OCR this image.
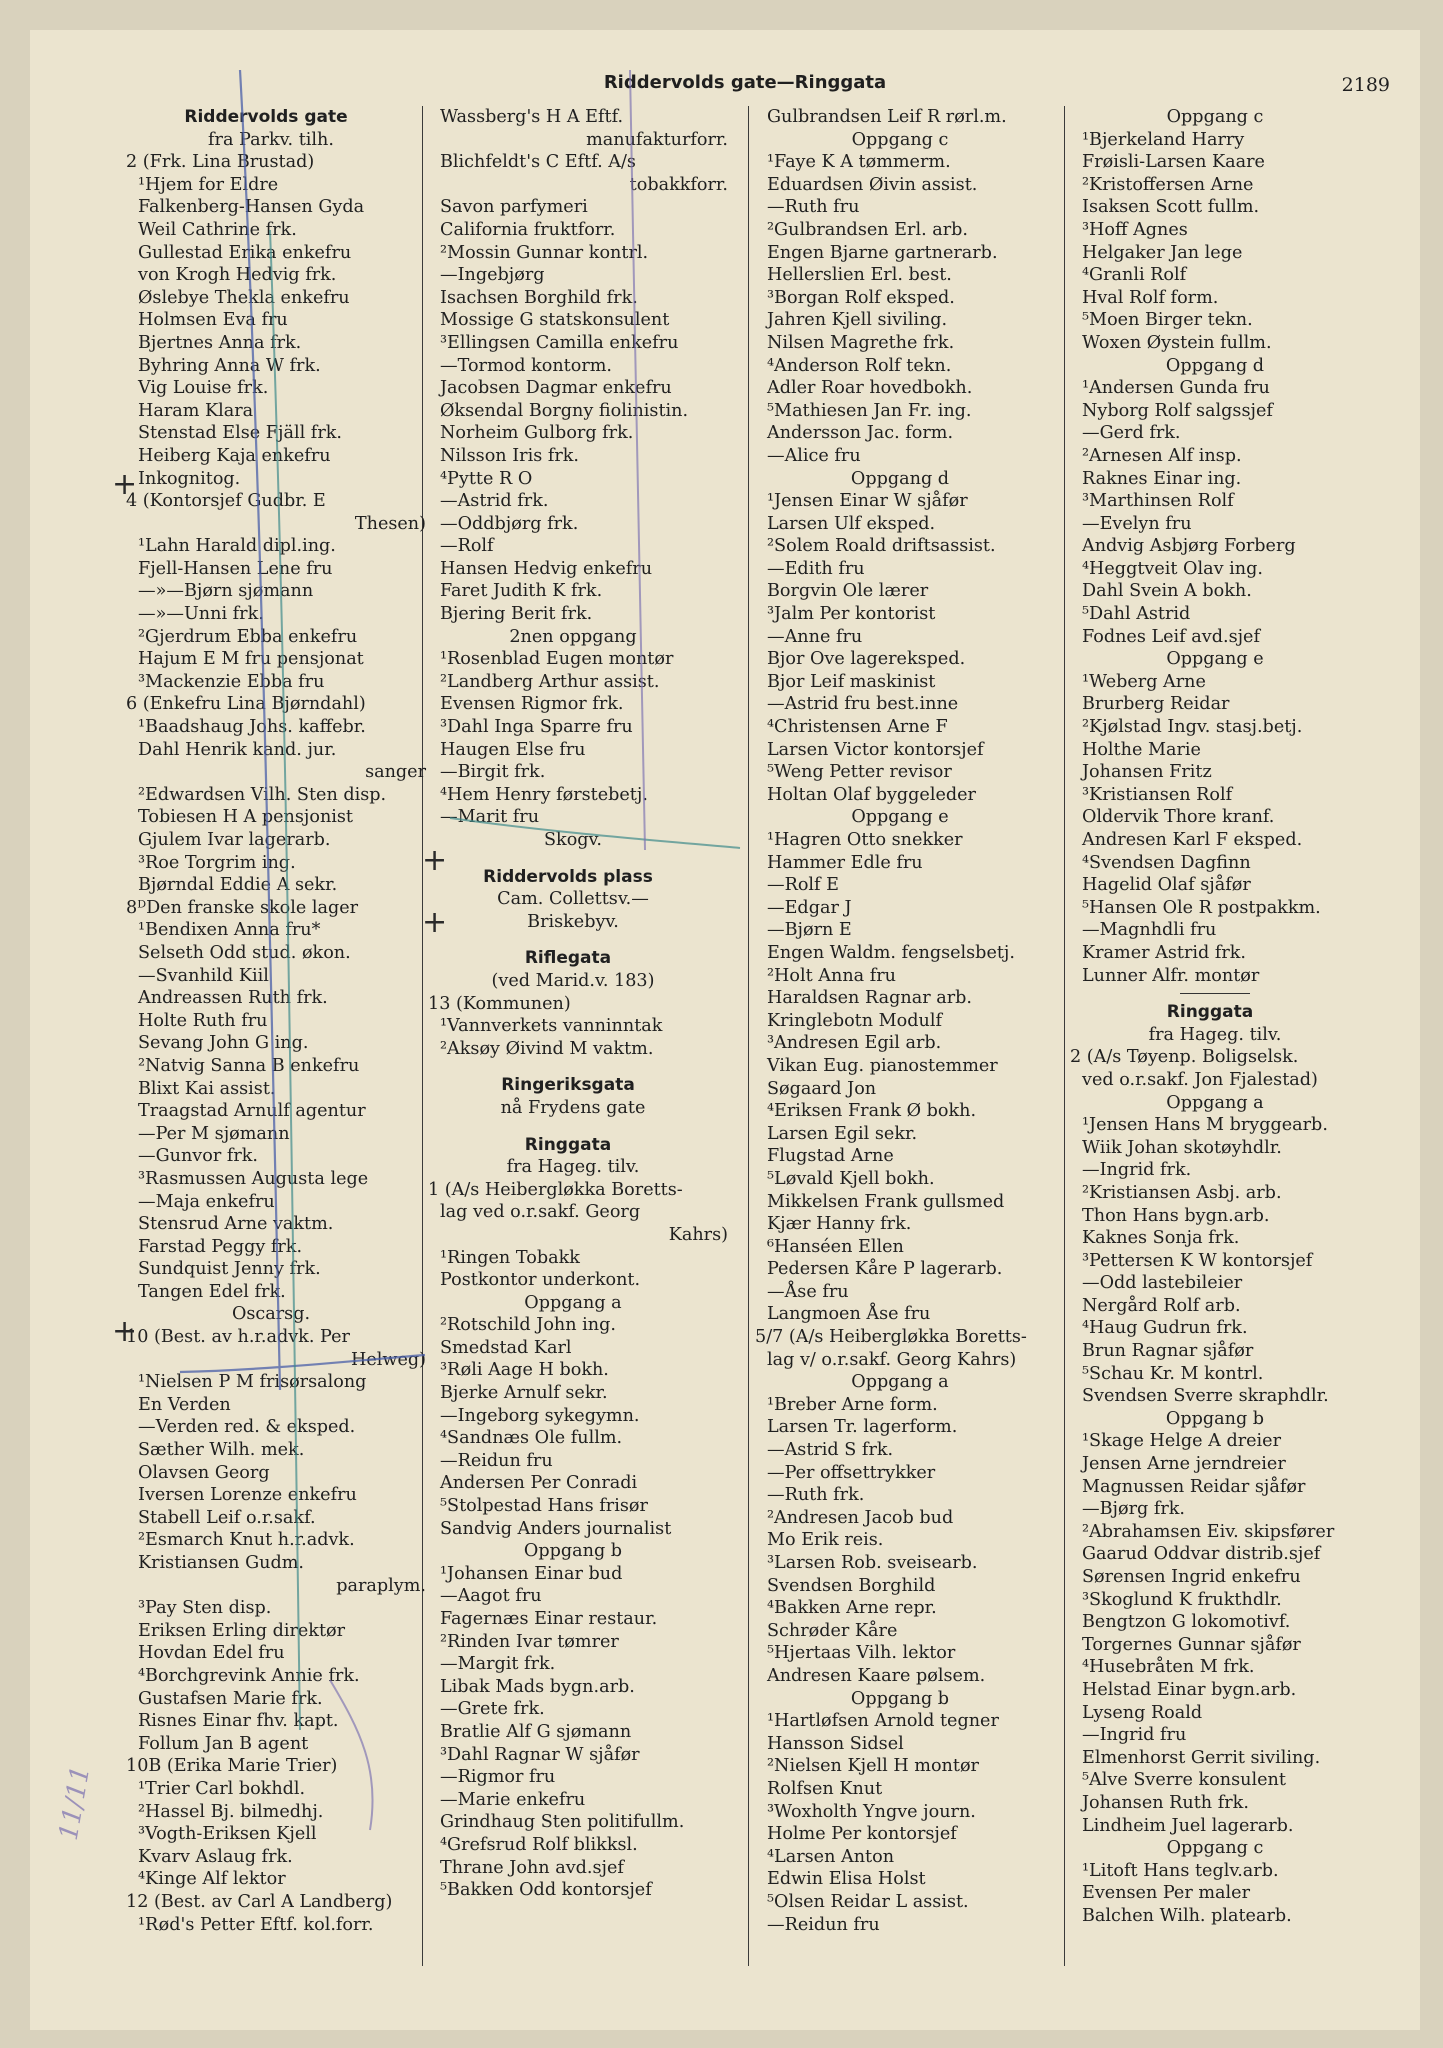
Riddervolds gate—Ringgata	2189
Riddervolds gate
fra Parkv. tilh.
2 (Frk. Lina Brustad)
¹Hjem for Eldre
Falkenberg-Hansen Gyda
Weil Cathrine frk.
Gullestad Erika enkefru
von Krogh Hedvig frk.
Øslebye Thekla enkefru
Holmsen Eva fru
Bjertnes Anna frk.
Byhring Anna W frk.
Vig Louise frk.
Haram Klara
Stenstad Else Fjäll frk.
Heiberg Kaja enkefru
Inkognitog.
4 (Kontorsjef Gudbr. E
Thesen)
¹Lahn Harald dipl.ing.
Fjell-Hansen Lene fru
—»—Bjørn sjømann
—»—Unni frk.
²Gjerdrum Ebba enkefru
Hajum E M fru pensjonat
³Mackenzie Ebba fru
6 (Enkefru Lina Bjørndahl)
¹Baadshaug Johs. kaffebr.
Dahl Henrik kand. jur.
sanger
²Edwardsen Vilh. Sten disp.
Tobiesen H A pensjonist
Gjulem Ivar lagerarb.
³Roe Torgrim ing.
Bjørndal Eddie A sekr.
8ᴰDen franske skole lager
¹Bendixen Anna fru*
Selseth Odd stud. økon.
—Svanhild Kiil
Andreassen Ruth frk.
Holte Ruth fru
Sevang John G ing.
²Natvig Sanna B enkefru
Blixt Kai assist.
Traagstad Arnulf agentur
—Per M sjømann
—Gunvor frk.
³Rasmussen Augusta lege
—Maja enkefru
Stensrud Arne vaktm.
Farstad Peggy frk.
Sundquist Jenny frk.
Tangen Edel frk.
Oscarsg.
10 (Best. av h.r.advk. Per
Helweg)
¹Nielsen P M frisørsalong
En Verden
—Verden red. & eksped.
Sæther Wilh. mek.
Olavsen Georg
Iversen Lorenze enkefru
Stabell Leif o.r.sakf.
²Esmarch Knut h.r.advk.
Kristiansen Gudm.
paraplym.
³Pay Sten disp.
Eriksen Erling direktør
Hovdan Edel fru
⁴Borchgrevink Annie frk.
Gustafsen Marie frk.
Risnes Einar fhv. kapt.
Follum Jan B agent
10B (Erika Marie Trier)
¹Trier Carl bokhdl.
²Hassel Bj. bilmedhj.
³Vogth-Eriksen Kjell
Kvarv Aslaug frk.
⁴Kinge Alf lektor
12 (Best. av Carl A Landberg)
¹Rød's Petter Eftf. kol.forr.
Wassberg's H A Eftf.
manufakturforr.
Blichfeldt's C Eftf. A/s
tobakkforr.
Savon parfymeri
California fruktforr.
²Mossin Gunnar kontrl.
—Ingebjørg
Isachsen Borghild frk.
Mossige G statskonsulent
³Ellingsen Camilla enkefru
—Tormod kontorm.
Jacobsen Dagmar enkefru
Øksendal Borgny fiolinistin.
Norheim Gulborg frk.
Nilsson Iris frk.
⁴Pytte R O
—Astrid frk.
—Oddbjørg frk.
—Rolf
Hansen Hedvig enkefru
Faret Judith K frk.
Bjering Berit frk.
2nen oppgang
¹Rosenblad Eugen montør
²Landberg Arthur assist.
Evensen Rigmor frk.
³Dahl Inga Sparre fru
Haugen Else fru
—Birgit frk.
⁴Hem Henry førstebetj.
—Marit fru
Skogv.
Riddervolds plass
Cam. Collettsv.—
Briskebyv.
Riflegata
(ved Marid.v. 183)
13 (Kommunen)
¹Vannverkets vanninntak
²Aksøy Øivind M vaktm.
Ringeriksgata
nå Frydens gate
Ringgata
fra Hageg. tilv.
1 (A/s Heibergløkka Boretts-
lag ved o.r.sakf. Georg
Kahrs)
¹Ringen Tobakk
Postkontor underkont.
Oppgang a
²Rotschild John ing.
Smedstad Karl
³Røli Aage H bokh.
Bjerke Arnulf sekr.
—Ingeborg sykegymn.
⁴Sandnæs Ole fullm.
—Reidun fru
Andersen Per Conradi
⁵Stolpestad Hans frisør
Sandvig Anders journalist
Oppgang b
¹Johansen Einar bud
—Aagot fru
Fagernæs Einar restaur.
²Rinden Ivar tømrer
—Margit frk.
Libak Mads bygn.arb.
—Grete frk.
Bratlie Alf G sjømann
³Dahl Ragnar W sjåfør
—Rigmor fru
—Marie enkefru
Grindhaug Sten politifullm.
⁴Grefsrud Rolf blikksl.
Thrane John avd.sjef
⁵Bakken Odd kontorsjef
Gulbrandsen Leif R rørl.m.
Oppgang c
¹Faye K A tømmerm.
Eduardsen Øivin assist.
—Ruth fru
²Gulbrandsen Erl. arb.
Engen Bjarne gartnerarb.
Hellerslien Erl. best.
³Borgan Rolf eksped.
Jahren Kjell siviling.
Nilsen Magrethe frk.
⁴Anderson Rolf tekn.
Adler Roar hovedbokh.
⁵Mathiesen Jan Fr. ing.
Andersson Jac. form.
—Alice fru
Oppgang d
¹Jensen Einar W sjåfør
Larsen Ulf eksped.
²Solem Roald driftsassist.
—Edith fru
Borgvin Ole lærer
³Jalm Per kontorist
—Anne fru
Bjor Ove lagereksped.
Bjor Leif maskinist
—Astrid fru best.inne
⁴Christensen Arne F
Larsen Victor kontorsjef
⁵Weng Petter revisor
Holtan Olaf byggeleder
Oppgang e
¹Hagren Otto snekker
Hammer Edle fru
—Rolf E
—Edgar J
—Bjørn E
Engen Waldm. fengselsbetj.
²Holt Anna fru
Haraldsen Ragnar arb.
Kringlebotn Modulf
³Andresen Egil arb.
Vikan Eug. pianostemmer
Søgaard Jon
⁴Eriksen Frank Ø bokh.
Larsen Egil sekr.
Flugstad Arne
⁵Løvald Kjell bokh.
Mikkelsen Frank gullsmed
Kjær Hanny frk.
⁶Hanséen Ellen
Pedersen Kåre P lagerarb.
—Åse fru
Langmoen Åse fru
5/7 (A/s Heibergløkka Boretts-
lag v/ o.r.sakf. Georg Kahrs)
Oppgang a
¹Breber Arne form.
Larsen Tr. lagerform.
—Astrid S frk.
—Per offsettrykker
—Ruth frk.
²Andresen Jacob bud
Mo Erik reis.
³Larsen Rob. sveisearb.
Svendsen Borghild
⁴Bakken Arne repr.
Schrøder Kåre
⁵Hjertaas Vilh. lektor
Andresen Kaare pølsem.
Oppgang b
¹Hartløfsen Arnold tegner
Hansson Sidsel
²Nielsen Kjell H montør
Rolfsen Knut
³Woxholth Yngve journ.
Holme Per kontorsjef
⁴Larsen Anton
Edwin Elisa Holst
⁵Olsen Reidar L assist.
—Reidun fru
Oppgang c
¹Bjerkeland Harry
Frøisli-Larsen Kaare
²Kristoffersen Arne
Isaksen Scott fullm.
³Hoff Agnes
Helgaker Jan lege
⁴Granli Rolf
Hval Rolf form.
⁵Moen Birger tekn.
Woxen Øystein fullm.
Oppgang d
¹Andersen Gunda fru
Nyborg Rolf salgssjef
—Gerd frk.
²Arnesen Alf insp.
Raknes Einar ing.
³Marthinsen Rolf
—Evelyn fru
Andvig Asbjørg Forberg
⁴Heggtveit Olav ing.
Dahl Svein A bokh.
⁵Dahl Astrid
Fodnes Leif avd.sjef
Oppgang e
¹Weberg Arne
Brurberg Reidar
²Kjølstad Ingv. stasj.betj.
Holthe Marie
Johansen Fritz
³Kristiansen Rolf
Oldervik Thore kranf.
Andresen Karl F eksped.
⁴Svendsen Dagfinn
Hagelid Olaf sjåfør
⁵Hansen Ole R postpakkm.
—Magnhdli fru
Kramer Astrid frk.
Lunner Alfr. montør
Ringgata
fra Hageg. tilv.
2 (A/s Tøyenp. Boligselsk.
ved o.r.sakf. Jon Fjalestad)
Oppgang a
¹Jensen Hans M bryggearb.
Wiik Johan skotøyhdlr.
—Ingrid frk.
²Kristiansen Asbj. arb.
Thon Hans bygn.arb.
Kaknes Sonja frk.
³Pettersen K W kontorsjef
—Odd lastebileier
Nergård Rolf arb.
⁴Haug Gudrun frk.
Brun Ragnar sjåfør
⁵Schau Kr. M kontrl.
Svendsen Sverre skraphdlr.
Oppgang b
¹Skage Helge A dreier
Jensen Arne jerndreier
Magnussen Reidar sjåfør
—Bjørg frk.
²Abrahamsen Eiv. skipsfører
Gaarud Oddvar distrib.sjef
Sørensen Ingrid enkefru
³Skoglund K frukthdlr.
Bengtzon G lokomotivf.
Torgernes Gunnar sjåfør
⁴Husebråten M frk.
Helstad Einar bygn.arb.
Lyseng Roald
—Ingrid fru
Elmenhorst Gerrit siviling.
⁵Alve Sverre konsulent
Johansen Ruth frk.
Lindheim Juel lagerarb.
Oppgang c
¹Litoft Hans teglv.arb.
Evensen Per maler
Balchen Wilh. platearb.
+
+
+
+
11/11
